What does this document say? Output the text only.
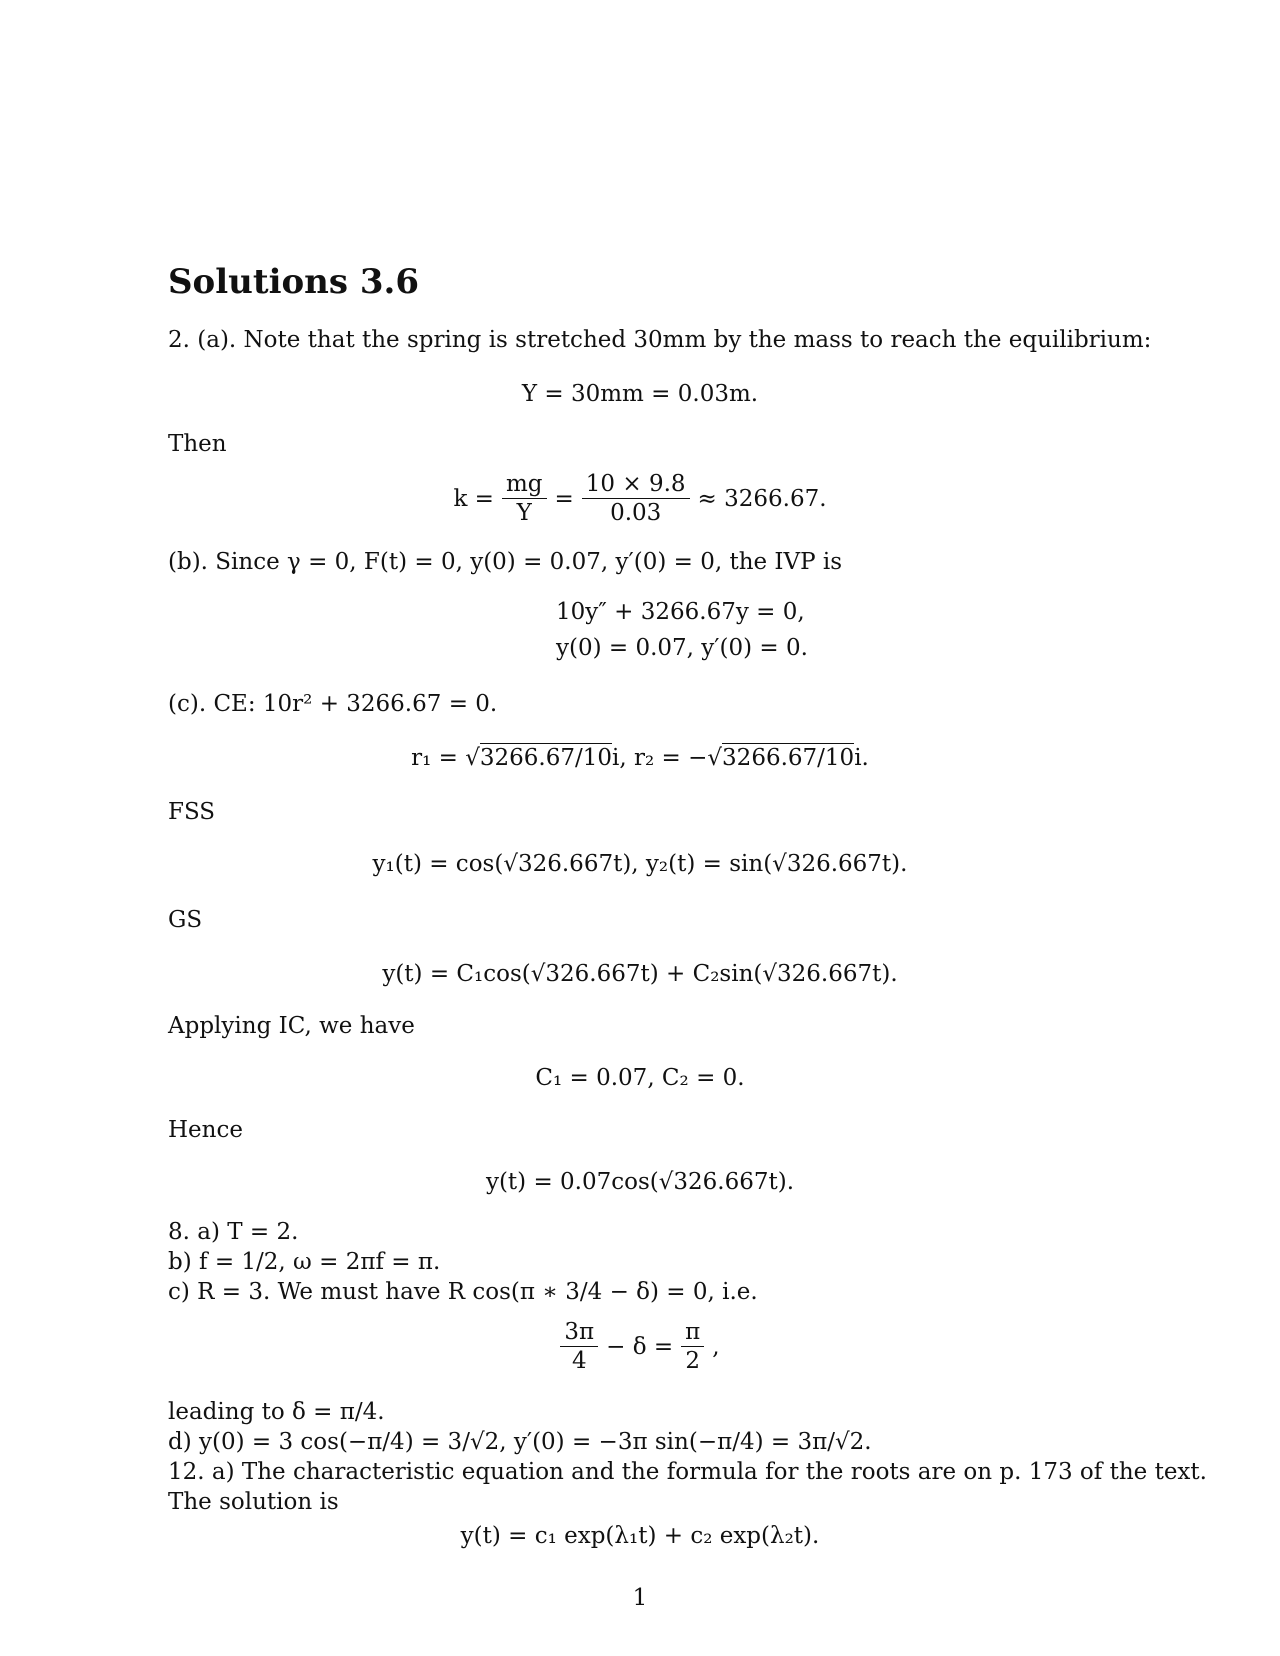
Solutions 3.6
2. (a). Note that the spring is stretched 30mm by the mass to reach the equilibrium:
Y = 30mm = 0.03m.
Then
$k = \frac{mg}{Y} = \frac{10 \times 9.8}{0.03} \approx 3266.67$.
(b). Since γ = 0, F(t) = 0, y(0) = 0.07, y′(0) = 0, the IVP is
10y″ + 3266.67y = 0,
y(0) = 0.07, y′(0) = 0.
(c). CE: 10r² + 3266.67 = 0.
r₁ = √3266.67/10i, r₂ = −√3266.67/10i.
FSS
y₁(t) = cos(√326.667t), y₂(t) = sin(√326.667t).
GS
y(t) = C₁cos(√326.667t) + C₂sin(√326.667t).
Applying IC, we have
C₁ = 0.07, C₂ = 0.
Hence
y(t) = 0.07cos(√326.667t).
8. a) T = 2.
b) f = 1/2, ω = 2πf = π.
c) R = 3. We must have R cos(π ∗ 3/4 − δ) = 0, i.e.
$\frac{3\pi}{4} - \delta = \frac{\pi}{2}$ ,
leading to δ = π/4.
d) y(0) = 3 cos(−π/4) = 3/√2, y′(0) = −3π sin(−π/4) = 3π/√2.
12. a) The characteristic equation and the formula for the roots are on p. 173 of the text.
The solution is
y(t) = c₁ exp(λ₁t) + c₂ exp(λ₂t).
1
